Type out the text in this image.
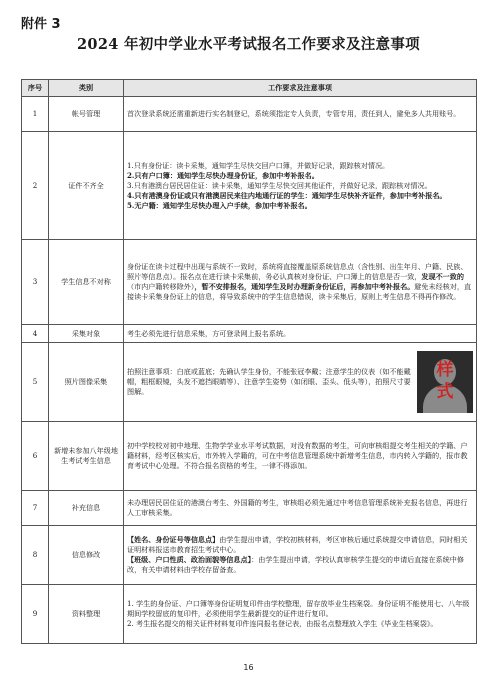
附件 3
2024 年初中学业水平考试报名工作要求及注意事项
序号	类别	工作要求及注意事项
1	帐号管理	首次登录系统还需重新进行实名制登记，系统须指定专人负责，专管专用，责任到人，避免多人共用账号。
2	证件不齐全	1.只有身份证：读卡采集，通知学生尽快交回户口簿，并做好记录，跟踪核对情况。
2.只有户口簿：通知学生尽快办理身份证，参加中考补报名。
3.只有港澳台居民居住证：读卡采集，通知学生尽快交回其他证件，并做好记录，跟踪核对情况。
4.只有港澳身份证或只有港澳居民来往内地通行证的学生：通知学生尽快补齐证件，参加中考补报名。
5.无户籍：通知学生尽快办理入户手续，参加中考补报名。

3	学生信息不对称	身份证在读卡过程中出现与系统不一致时，系统将直接覆盖原系统信息点（含性别、出生年月、户籍、民族、照片等信息点）。报名点在进行读卡采集前，务必认真核对身份证、户口簿上的信息是否一致，发现不一致的（市内户籍转移除外），暂不安排报名，通知学生及时办理新身份证后，再参加中考补报名。避免未经核对，直接读卡采集身份证上的信息，将导致系统中的学生信息错误，读卡采集后，原则上考生信息不得再作修改。
4	采集对象	考生必须先进行信息采集，方可登录网上报名系统。
5	照片图像采集	拍照注意事项：白底或蓝底；先确认学生身份，不能张冠李戴；注意学生的仪表（如不能戴帽，粗框眼镜，头发不遮挡眼睛等）、注意学生姿势（如闭眼、歪头、低头等），拍照尺寸要图解。
样
式

6	新增未参加八年级地生考试考生信息	初中学校校对初中地理、生物学学业水平考试数据，对没有数据的考生，可向审核组提交考生相关的学籍、户籍材料，经考区核实后，市外转入学籍的，可在中考信息管理系统中新增考生信息，市内转入学籍的，报市教育考试中心处理。不符合报名资格的考生，一律不得添加。
7	补充信息	未办理居民居住证的港澳台考生、外国籍的考生，审核组必须先通过中考信息管理系统补充报名信息，再进行人工审核采集。
8	信息修改	【姓名、身份证号等信息点】由学生提出申请，学校初核材料，考区审核后通过系统提交申请信息，同时相关证明材料报送市教育招生考试中心。
【班级、户口性质、政治面貌等信息点】：由学生提出申请，学校认真审核学生提交的申请后直接在系统中修改，有关申请材料由学校存留备查。
9	资料整理	1. 学生的身份证、户口簿等身份证明复印件由学校整理，留存放毕业生档案袋。身份证明不能使用七、八年级期间学校留底的复印件，必须使用学生最新提交的证件进行复印。
2. 考生报名提交的相关证件材料复印件连同报名登记表，由报名点整理放入学生《毕业生档案袋》。
16
